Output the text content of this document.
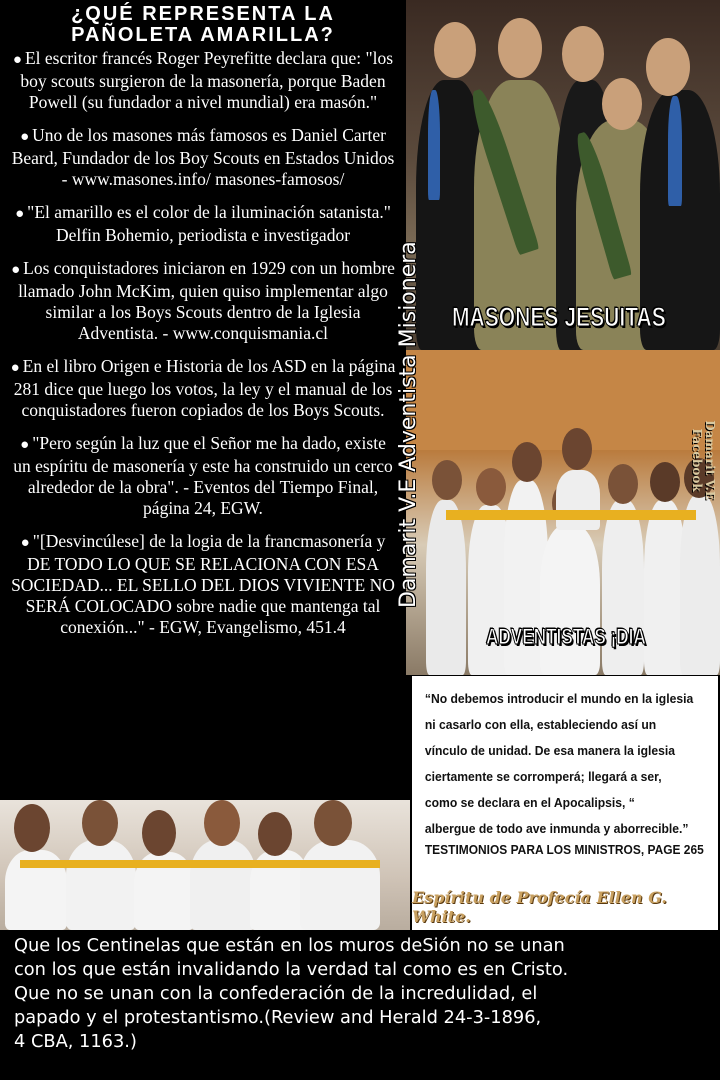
¿QUÉ REPRESENTA LA
PAÑOLETA AMARILLA?
● El escritor francés Roger Peyrefitte declara que: "los boy scouts surgieron de la masonería, porque Baden Powell (su fundador a nivel mundial) era masón."
● Uno de los masones más famosos es Daniel Carter Beard, Fundador de los Boy Scouts en Estados Unidos - www.masones.info/ masones-famosos/
● "El amarillo es el color de la iluminación satanista." Delfin Bohemio, periodista e investigador
● Los conquistadores iniciaron en 1929 con un hombre llamado John McKim, quien quiso implementar algo similar a los Boys Scouts dentro de la Iglesia Adventista. - www.conquismania.cl
● En el libro Origen e Historia de los ASD en la página 281 dice que luego los votos, la ley y el manual de los conquistadores fueron copiados de los Boys Scouts.
● "Pero según la luz que el Señor me ha dado, existe un espíritu de masonería y este ha construido un cerco alrededor de la obra". - Eventos del Tiempo Final, página 24, EGW.
● "[Desvincúlese] de la logia de la francmasonería y DE TODO LO QUE SE RELACIONA CON ESA SOCIEDAD... EL SELLO DEL DIOS VIVIENTE NO SERÁ COLOCADO sobre nadie que mantenga tal conexión..." - EGW, Evangelismo, 451.4
MASONES JESUITAS
ADVENTISTAS ¡DIA
Damarit V.E Adventista Misionera	Damarit V.E
Facebook

“No debemos introducir el mundo en la iglesia

ni casarlo con ella, estableciendo así un

vínculo de unidad. De esa manera la iglesia

ciertamente se corromperá; llegará a ser,

como se declara en el Apocalipsis, “

albergue de todo ave inmunda y aborrecible.”

TESTIMONIOS PARA LOS MINISTROS, PAGE 265
Espíritu de Profecía Ellen G. White.
Que los Centinelas que están en los muros deSión no se unan
con los que están invalidando la verdad tal como es en Cristo.
Que no se unan con la confederación de la incredulidad, el
papado y el protestantismo.(Review and Herald 24-3-1896,
4 CBA, 1163.)
